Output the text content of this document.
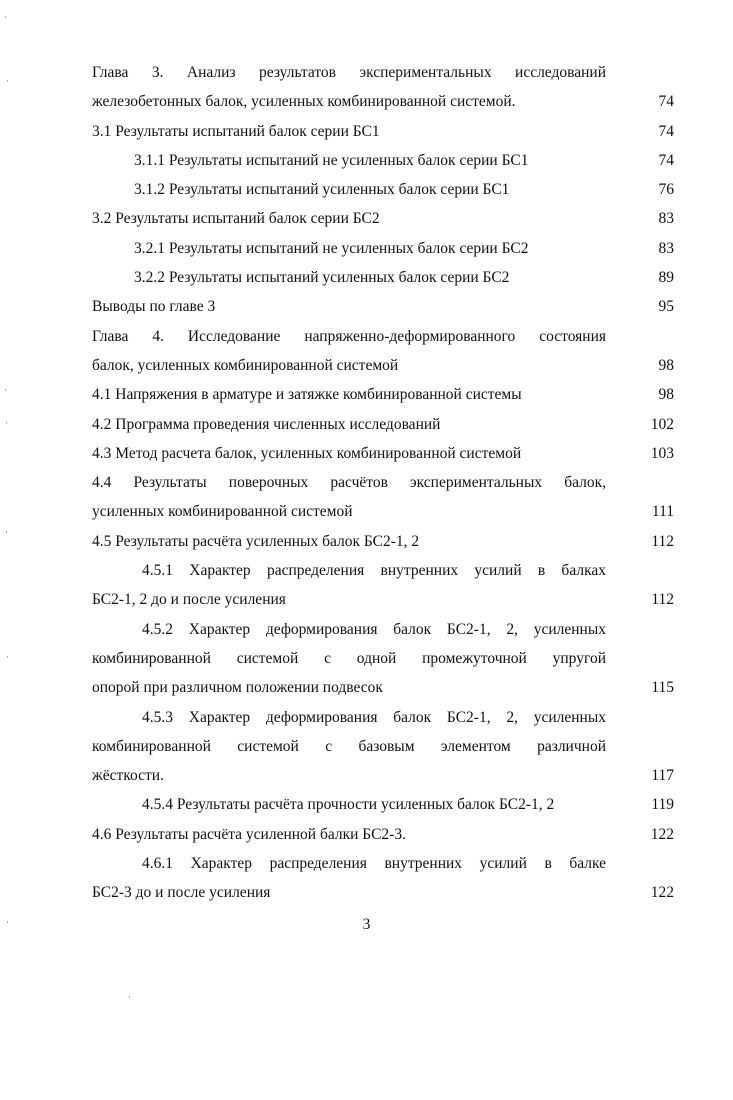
Глава 3. Анализ результатов экспериментальных исследований
железобетонных балок, усиленных комбинированной системой.	74
3.1 Результаты испытаний балок серии БС1	74
3.1.1 Результаты испытаний не усиленных балок серии БС1	74
3.1.2 Результаты испытаний усиленных балок серии БС1	76
3.2 Результаты испытаний балок серии БС2	83
3.2.1 Результаты испытаний не усиленных балок серии БС2	83
3.2.2 Результаты испытаний усиленных балок серии БС2	89
Выводы по главе 3	95
Глава 4. Исследование напряженно-деформированного состояния
балок, усиленных комбинированной системой	98
4.1 Напряжения в арматуре и затяжке комбинированной системы	98
4.2 Программа проведения численных исследований	102
4.3 Метод расчета балок, усиленных комбинированной системой	103
4.4 Результаты поверочных расчётов экспериментальных балок,
усиленных комбинированной системой	111
4.5 Результаты расчёта усиленных балок БС2-1, 2	112
4.5.1 Характер распределения внутренних усилий в балках
БС2-1, 2 до и после усиления	112
4.5.2 Характер деформирования балок БС2-1, 2, усиленных
комбинированной системой с одной промежуточной упругой
опорой при различном положении подвесок	115
4.5.3 Характер деформирования балок БС2-1, 2, усиленных
комбинированной системой с базовым элементом различной
жёсткости.	117
4.5.4 Результаты расчёта прочности усиленных балок БС2-1, 2	119
4.6 Результаты расчёта усиленной балки БС2-3.	122
4.6.1 Характер распределения внутренних усилий в балке
БС2-3 до и после усиления	122
3
·
·
·
·
·
·
·
·
